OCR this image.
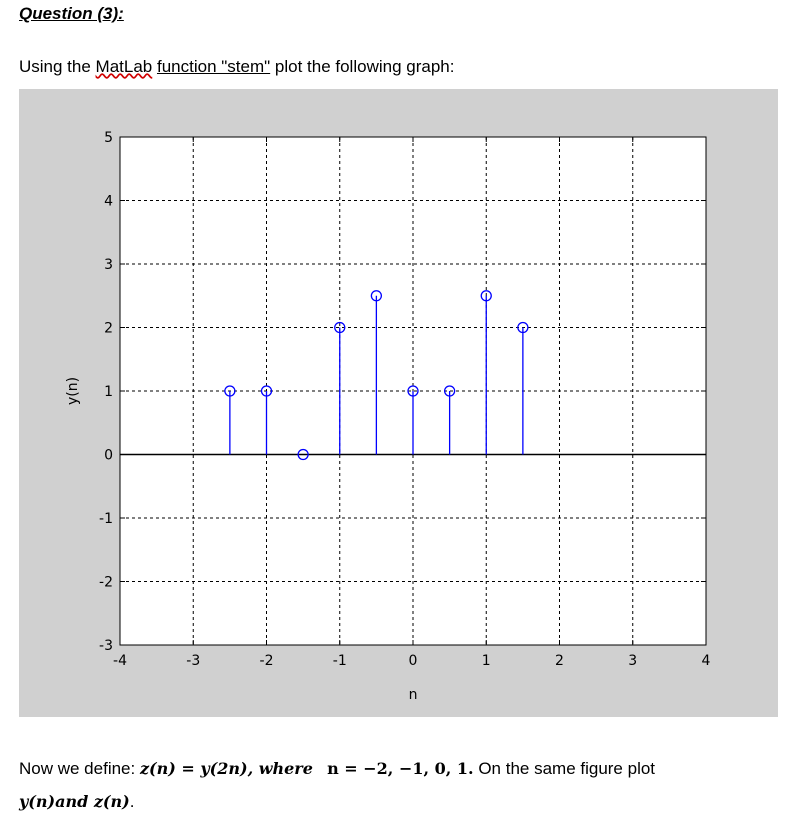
Question (3):

Using the MatLab function "stem" plot the following graph:

-4	-3	-2	-1	0	1	2	3	4
-3
-2
-1
0
1
2
3
4
5
n
y(n)

Now we define: z(n) = y(2n), where n = −2, −1, 0, 1. On the same figure plot

y(n)and z(n).
